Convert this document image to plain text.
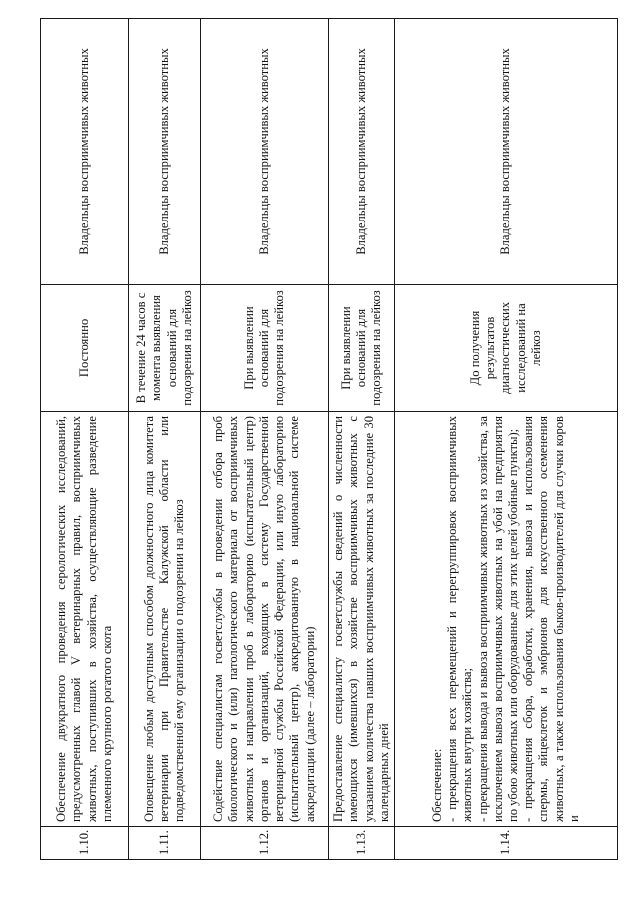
1.10.	Обеспечение двукратного проведения серологических исследований, предусмотренных главой V ветеринарных правил, восприимчивых животных, поступивших в хозяйства, осуществляющие разведение племенного крупного рогатого скота	Постоянно	Владельцы восприимчивых животных
1.11.	Оповещение любым доступным способом должностного лица комитета ветеринарии при Правительстве Калужской области или подведомственной ему организации о подозрении на лейкоз	В течение 24 часов с момента выявления оснований для подозрения на лейкоз	Владельцы восприимчивых животных
1.12.	Содействие специалистам госветслужбы в проведении отбора проб биологического и (или) патологического материала от восприимчивых животных и направлении проб в лабораторию (испытательный центр) органов и организаций, входящих в систему Государственной ветеринарной службы Российской Федерации, или иную лабораторию (испытательный центр), аккредитованную в национальной системе аккредитации (далее – лаборатории)	При выявлении оснований для подозрения на лейкоз	Владельцы восприимчивых животных
1.13.	Предоставление специалисту госветслужбы сведений о численности имеющихся (имевшихся) в хозяйстве восприимчивых животных с указанием количества павших восприимчивых животных за последние 30 календарных дней	При выявлении оснований для подозрения на лейкоз	Владельцы восприимчивых животных
1.14.	Обеспечение: - прекращения всех перемещений и перегруппировок восприимчивых животных внутри хозяйства; - прекращения вывода и вывоза восприимчивых животных из хозяйства, за исключением вывоза восприимчивых животных на убой на предприятия по убою животных или оборудованные для этих целей убойные пункты); - прекращения сбора, обработки, хранения, вывоза и использования спермы, яйцеклеток и эмбрионов для искусственного осеменения животных, а также использования быков-производителей для случки коров и	До получения результатов диагностических исследований на лейкоз	Владельцы восприимчивых животных
